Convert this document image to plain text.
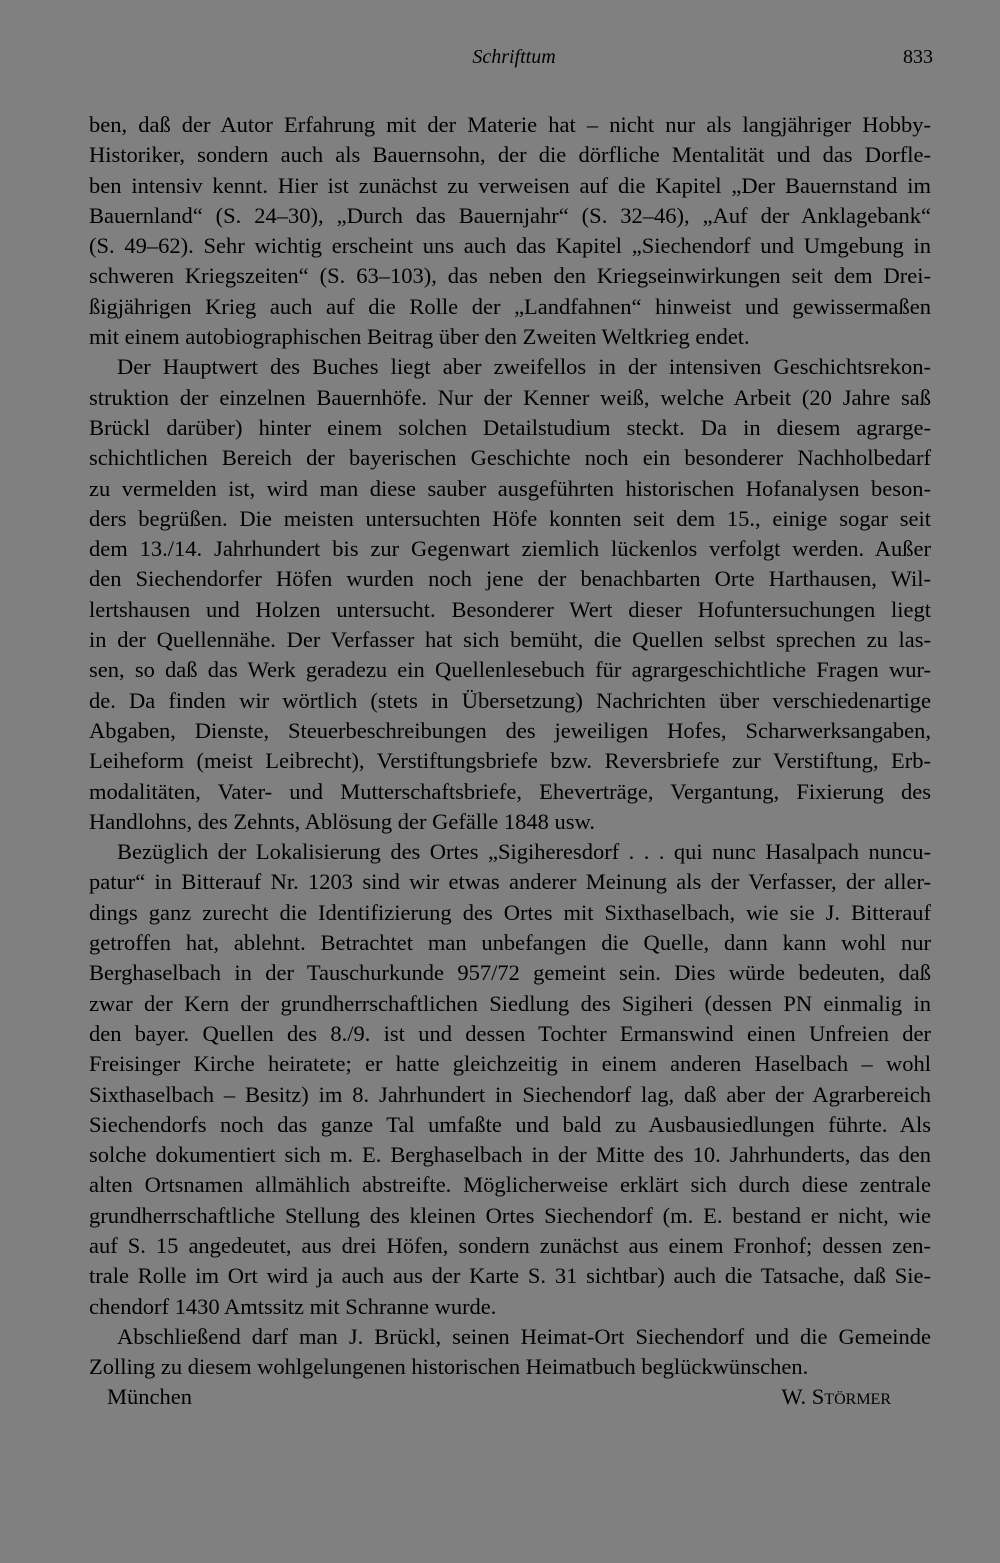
Schrifttum	833
ben, daß der Autor Erfahrung mit der Materie hat – nicht nur als langjähriger Hobby-
Historiker, sondern auch als Bauernsohn, der die dörfliche Mentalität und das Dorfle-
ben intensiv kennt. Hier ist zunächst zu verweisen auf die Kapitel „Der Bauernstand im
Bauernland“ (S. 24–30), „Durch das Bauernjahr“ (S. 32–46), „Auf der Anklagebank“
(S. 49–62). Sehr wichtig erscheint uns auch das Kapitel „Siechendorf und Umgebung in
schweren Kriegszeiten“ (S. 63–103), das neben den Kriegseinwirkungen seit dem Drei-
ßigjährigen Krieg auch auf die Rolle der „Landfahnen“ hinweist und gewissermaßen
mit einem autobiographischen Beitrag über den Zweiten Weltkrieg endet.
Der Hauptwert des Buches liegt aber zweifellos in der intensiven Geschichtsrekon-
struktion der einzelnen Bauernhöfe. Nur der Kenner weiß, welche Arbeit (20 Jahre saß
Brückl darüber) hinter einem solchen Detailstudium steckt. Da in diesem agrarge-
schichtlichen Bereich der bayerischen Geschichte noch ein besonderer Nachholbedarf
zu vermelden ist, wird man diese sauber ausgeführten historischen Hofanalysen beson-
ders begrüßen. Die meisten untersuchten Höfe konnten seit dem 15., einige sogar seit
dem 13./14. Jahrhundert bis zur Gegenwart ziemlich lückenlos verfolgt werden. Außer
den Siechendorfer Höfen wurden noch jene der benachbarten Orte Harthausen, Wil-
lertshausen und Holzen untersucht. Besonderer Wert dieser Hofuntersuchungen liegt
in der Quellennähe. Der Verfasser hat sich bemüht, die Quellen selbst sprechen zu las-
sen, so daß das Werk geradezu ein Quellenlesebuch für agrargeschichtliche Fragen wur-
de. Da finden wir wörtlich (stets in Übersetzung) Nachrichten über verschiedenartige
Abgaben, Dienste, Steuerbeschreibungen des jeweiligen Hofes, Scharwerksangaben,
Leiheform (meist Leibrecht), Verstiftungsbriefe bzw. Reversbriefe zur Verstiftung, Erb-
modalitäten, Vater- und Mutterschaftsbriefe, Eheverträge, Vergantung, Fixierung des
Handlohns, des Zehnts, Ablösung der Gefälle 1848 usw.
Bezüglich der Lokalisierung des Ortes „Sigiheresdorf . . . qui nunc Hasalpach nuncu-
patur“ in Bitterauf Nr. 1203 sind wir etwas anderer Meinung als der Verfasser, der aller-
dings ganz zurecht die Identifizierung des Ortes mit Sixthaselbach, wie sie J. Bitterauf
getroffen hat, ablehnt. Betrachtet man unbefangen die Quelle, dann kann wohl nur
Berghaselbach in der Tauschurkunde 957/72 gemeint sein. Dies würde bedeuten, daß
zwar der Kern der grundherrschaftlichen Siedlung des Sigiheri (dessen PN einmalig in
den bayer. Quellen des 8./9. ist und dessen Tochter Ermanswind einen Unfreien der
Freisinger Kirche heiratete; er hatte gleichzeitig in einem anderen Haselbach – wohl
Sixthaselbach – Besitz) im 8. Jahrhundert in Siechendorf lag, daß aber der Agrarbereich
Siechendorfs noch das ganze Tal umfaßte und bald zu Ausbausiedlungen führte. Als
solche dokumentiert sich m. E. Berghaselbach in der Mitte des 10. Jahrhunderts, das den
alten Ortsnamen allmählich abstreifte. Möglicherweise erklärt sich durch diese zentrale
grundherrschaftliche Stellung des kleinen Ortes Siechendorf (m. E. bestand er nicht, wie
auf S. 15 angedeutet, aus drei Höfen, sondern zunächst aus einem Fronhof; dessen zen-
trale Rolle im Ort wird ja auch aus der Karte S. 31 sichtbar) auch die Tatsache, daß Sie-
chendorf 1430 Amtssitz mit Schranne wurde.
Abschließend darf man J. Brückl, seinen Heimat-Ort Siechendorf und die Gemeinde
Zolling zu diesem wohlgelungenen historischen Heimatbuch beglückwünschen.
München	W. Störmer
